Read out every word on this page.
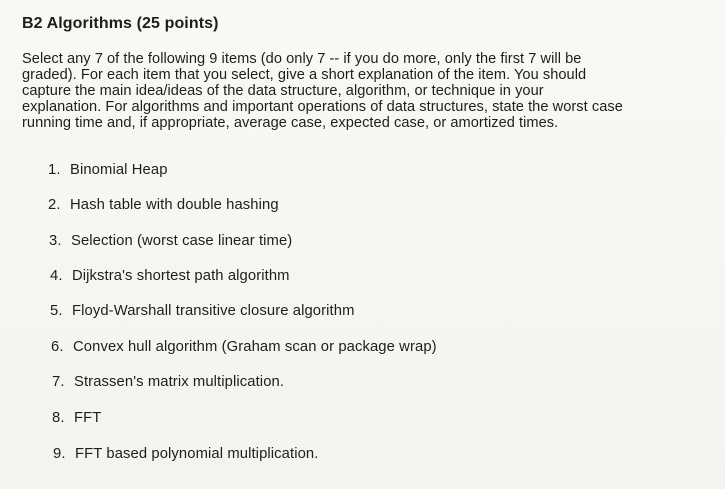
B2 Algorithms (25 points)
Select any 7 of the following 9 items (do only 7 -- if you do more, only the first 7 will be
graded). For each item that you select, give a short explanation of the item. You should
capture the main idea/ideas of the data structure, algorithm, or technique in your
explanation. For algorithms and important operations of data structures, state the worst case
running time and, if appropriate, average case, expected case, or amortized times.
1. Binomial Heap
2. Hash table with double hashing
3. Selection (worst case linear time)
4. Dijkstra's shortest path algorithm
5. Floyd-Warshall transitive closure algorithm
6. Convex hull algorithm (Graham scan or package wrap)
7. Strassen's matrix multiplication.
8. FFT
9. FFT based polynomial multiplication.
